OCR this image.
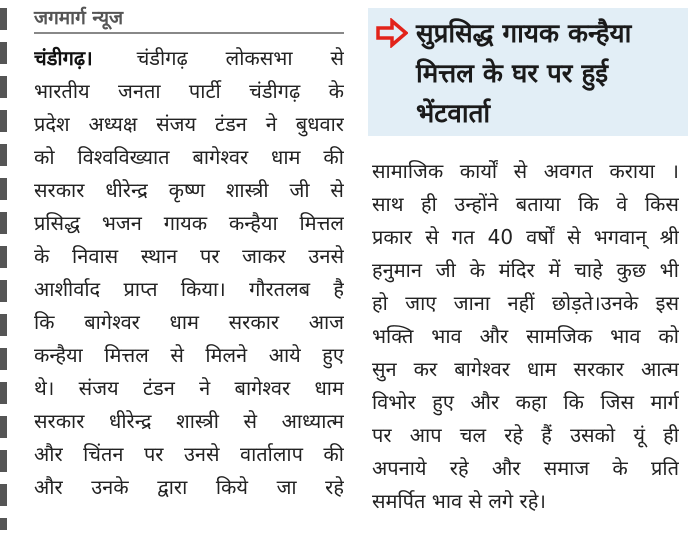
जगमार्ग न्यूज
चंडीगढ़। चंडीगढ़ लोकसभा से
भारतीय जनता पार्टी चंडीगढ़ के
प्रदेश अध्यक्ष संजय टंडन ने बुधवार
को विश्वविख्यात बागेश्वर धाम की
सरकार धीरेन्द्र कृष्ण शास्त्री जी से
प्रसिद्ध भजन गायक कन्हैया मित्तल
के निवास स्थान पर जाकर उनसे
आशीर्वाद प्राप्त किया। गौरतलब है
कि बागेश्वर धाम सरकार आज
कन्हैया मित्तल से मिलने आये हुए
थे। संजय टंडन ने बागेश्वर धाम
सरकार धीरेन्द्र शास्त्री से आध्यात्म
और चिंतन पर उनसे वार्तालाप की
और उनके द्वारा किये जा रहे
सुप्रसिद्ध गायक कन्हैया
मित्तल के घर पर हुई
भेंटवार्ता
सामाजिक कार्यों से अवगत कराया ।
साथ ही उन्होंने बताया कि वे किस
प्रकार से गत 40 वर्षों से भगवान् श्री
हनुमान जी के मंदिर में चाहे कुछ भी
हो जाए जाना नहीं छोड़ते।उनके इस
भक्ति भाव और सामजिक भाव को
सुन कर बागेश्वर धाम सरकार आत्म
विभोर हुए और कहा कि जिस मार्ग
पर आप चल रहे हैं उसको यूं ही
अपनाये रहे और समाज के प्रति
समर्पित भाव से लगे रहे।
